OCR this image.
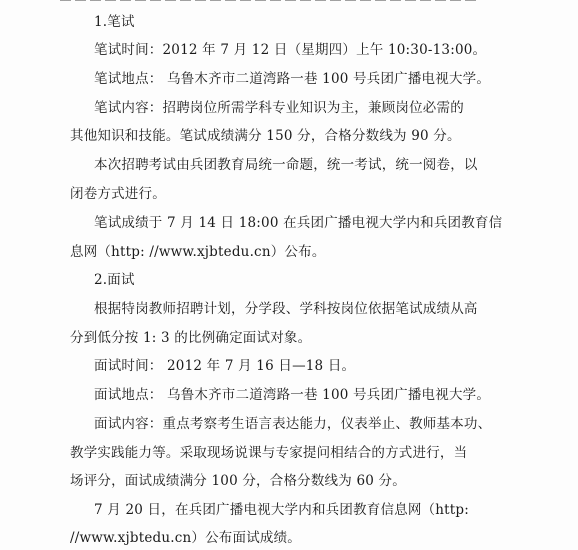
1.笔试
笔试时间：2012 年 7 月 12 日（星期四）上午 10:30-13:00。
笔试地点： 乌鲁木齐市二道湾路一巷 100 号兵团广播电视大学。
笔试内容：招聘岗位所需学科专业知识为主，兼顾岗位必需的
其他知识和技能。笔试成绩满分 150 分，合格分数线为 90 分。
本次招聘考试由兵团教育局统一命题，统一考试，统一阅卷，以
闭卷方式进行。
笔试成绩于 7 月 14 日 18:00 在兵团广播电视大学内和兵团教育信
息网（http: //www.xjbtedu.cn）公布。
2.面试
根据特岗教师招聘计划，分学段、学科按岗位依据笔试成绩从高
分到低分按 1: 3 的比例确定面试对象。
面试时间： 2012 年 7 月 16 日—18 日。
面试地点： 乌鲁木齐市二道湾路一巷 100 号兵团广播电视大学。
面试内容：重点考察考生语言表达能力，仪表举止、教师基本功、
教学实践能力等。采取现场说课与专家提问相结合的方式进行，当
场评分，面试成绩满分 100 分，合格分数线为 60 分。
7 月 20 日，在兵团广播电视大学内和兵团教育信息网（http:
//www.xjbtedu.cn）公布面试成绩。
